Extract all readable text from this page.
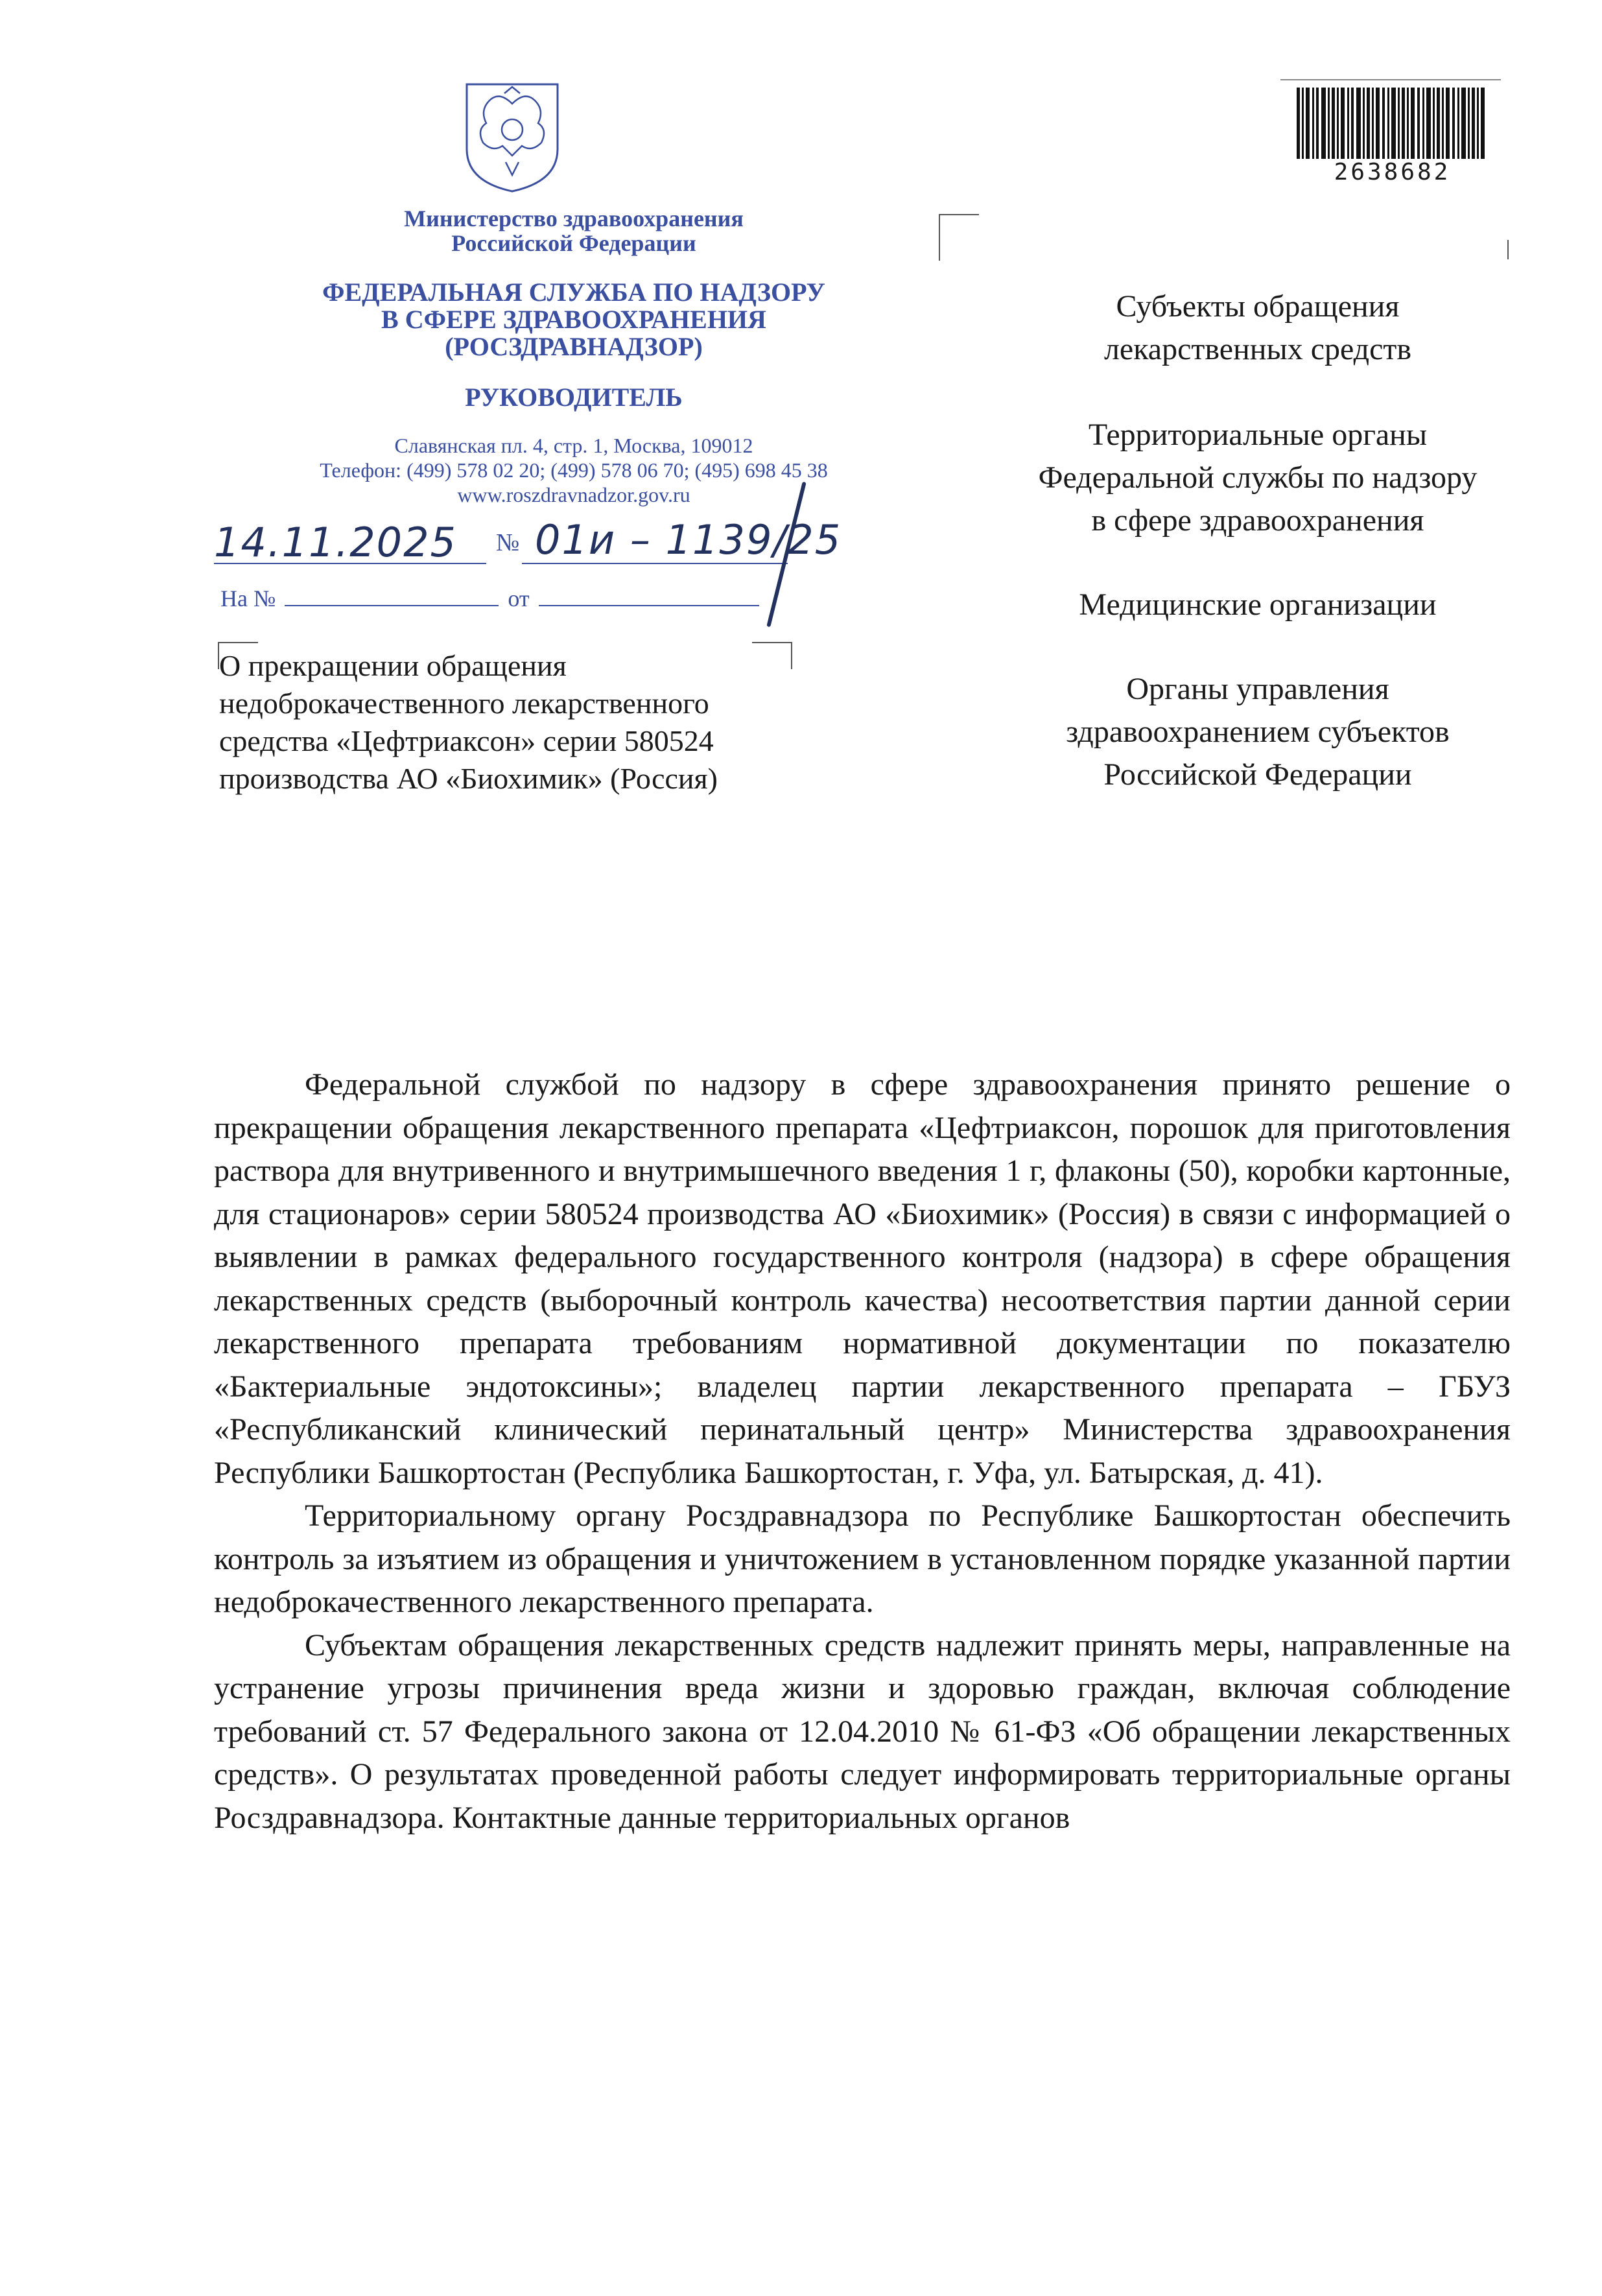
Министерство здравоохранения
Российской Федерации
ФЕДЕРАЛЬНАЯ СЛУЖБА ПО НАДЗОРУ
В СФЕРЕ ЗДРАВООХРАНЕНИЯ
(РОСЗДРАВНАДЗОР)
РУКОВОДИТЕЛЬ
Славянская пл. 4, стр. 1, Москва, 109012
Телефон: (499) 578 02 20; (499) 578 06 70; (495) 698 45 38
www.roszdravnadzor.gov.ru
14.11.2025 № 01и – 1139/25
На №	от
О прекращении обращения
недоброкачественного лекарственного
средства «Цефтриаксон» серии 580524
производства АО «Биохимик» (Россия)
2638682
Субъекты обращения
лекарственных средств
Территориальные органы
Федеральной службы по надзору
в сфере здравоохранения
Медицинские организации
Органы управления
здравоохранением субъектов
Российской Федерации

Федеральной службой по надзору в сфере здравоохранения принято решение о прекращении обращения лекарственного препарата «Цефтриаксон, порошок для приготовления раствора для внутривенного и внутримышечного введения 1 г, флаконы (50), коробки картонные, для стационаров» серии 580524 производства АО «Биохимик» (Россия) в связи с информацией о выявлении в рамках федерального государственного контроля (надзора) в сфере обращения лекарственных средств (выборочный контроль качества) несоответствия партии данной серии лекарственного препарата требованиям нормативной документации по показателю «Бактериальные эндотоксины»; владелец партии лекарственного препарата – ГБУЗ «Республиканский клинический перинатальный центр» Министерства здравоохранения Республики Башкортостан (Республика Башкортостан, г. Уфа, ул. Батырская, д. 41).

Территориальному органу Росздравнадзора по Республике Башкортостан обеспечить контроль за изъятием из обращения и уничтожением в установленном порядке указанной партии недоброкачественного лекарственного препарата.

Субъектам обращения лекарственных средств надлежит принять меры, направленные на устранение угрозы причинения вреда жизни и здоровью граждан, включая соблюдение требований ст. 57 Федерального закона от 12.04.2010 № 61-ФЗ «Об обращении лекарственных средств». О результатах проведенной работы следует информировать территориальные органы Росздравнадзора. Контактные данные территориальных органов
